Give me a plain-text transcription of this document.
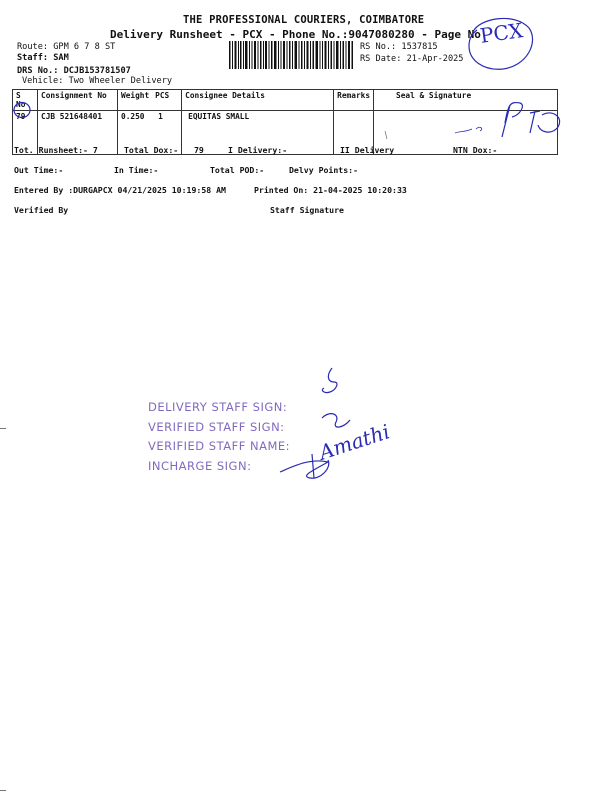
THE PROFESSIONAL COURIERS, COIMBATORE
Delivery Runsheet - PCX - Phone No.:9047080280 - Page No
Route: GPM 6 7 8 ST
Staff: SAM
DRS No.: DCJB153781507
Vehicle: Two Wheeler Delivery
RS No.: 1537815
RS Date: 21-Apr-2025
PCX
S No	Consignment No	Weight	PCS	Consignee Details	Remarks	Seal & Signature
79	CJB 521648401	0.250	1	EQUITAS SMALL		
Tot. Runsheet:- 7	Total Dox:- 79	I Delivery:-	II Delivery	NTN Dox:-
Out Time:-	In Time:-	Total POD:-	Delvy Points:-
Entered By :DURGAPCX 04/21/2025 10:19:58 AM	Printed On: 21-04-2025 10:20:33
Verified By	Staff Signature
DELIVERY STAFF SIGN:
VERIFIED STAFF SIGN:
VERIFIED STAFF NAME:
INCHARGE SIGN:
Amathi
